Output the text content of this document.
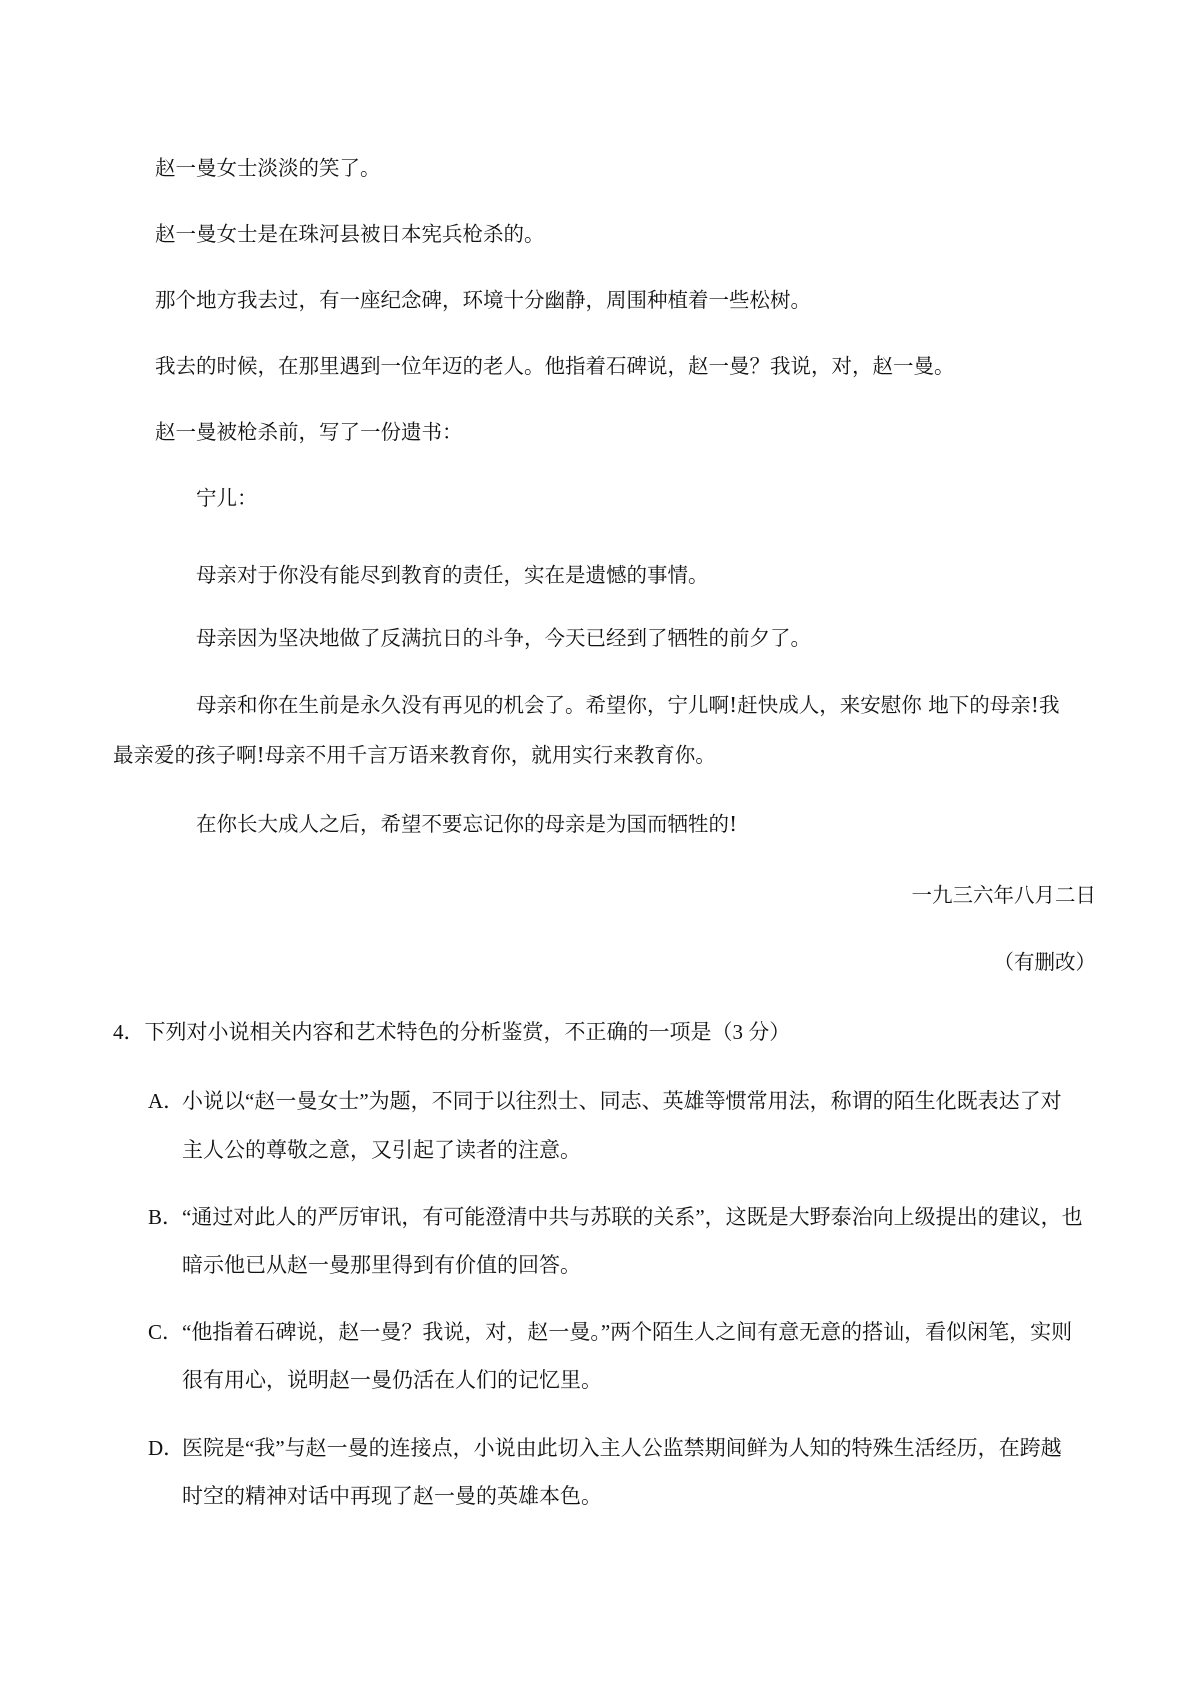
赵一曼女士淡淡的笑了。
赵一曼女士是在珠河县被日本宪兵枪杀的。
那个地方我去过，有一座纪念碑，环境十分幽静，周围种植着一些松树。
我去的时候，在那里遇到一位年迈的老人。他指着石碑说，赵一曼？我说，对，赵一曼。
赵一曼被枪杀前，写了一份遗书：
宁儿：
母亲对于你没有能尽到教育的责任，实在是遗憾的事情。
母亲因为坚决地做了反满抗日的斗争，今天已经到了牺牲的前夕了。
母亲和你在生前是永久没有再见的机会了。希望你，宁儿啊!赶快成人，来安慰你 地下的母亲!我
最亲爱的孩子啊!母亲不用千言万语来教育你，就用实行来教育你。
在你长大成人之后，希望不要忘记你的母亲是为国而牺牲的!
一九三六年八月二日
（有删改）
4．下列对小说相关内容和艺术特色的分析鉴赏，不正确的一项是（3 分）
A．
小说以“赵一曼女士”为题，不同于以往烈士、同志、英雄等惯常用法，称谓的陌生化既表达了对
主人公的尊敬之意，又引起了读者的注意。
B．
“通过对此人的严厉审讯，有可能澄清中共与苏联的关系”，这既是大野泰治向上级提出的建议，也
暗示他已从赵一曼那里得到有价值的回答。
C．
“他指着石碑说，赵一曼？我说，对，赵一曼。”两个陌生人之间有意无意的搭讪，看似闲笔，实则
很有用心，说明赵一曼仍活在人们的记忆里。
D．
医院是“我”与赵一曼的连接点，小说由此切入主人公监禁期间鲜为人知的特殊生活经历，在跨越
时空的精神对话中再现了赵一曼的英雄本色。
